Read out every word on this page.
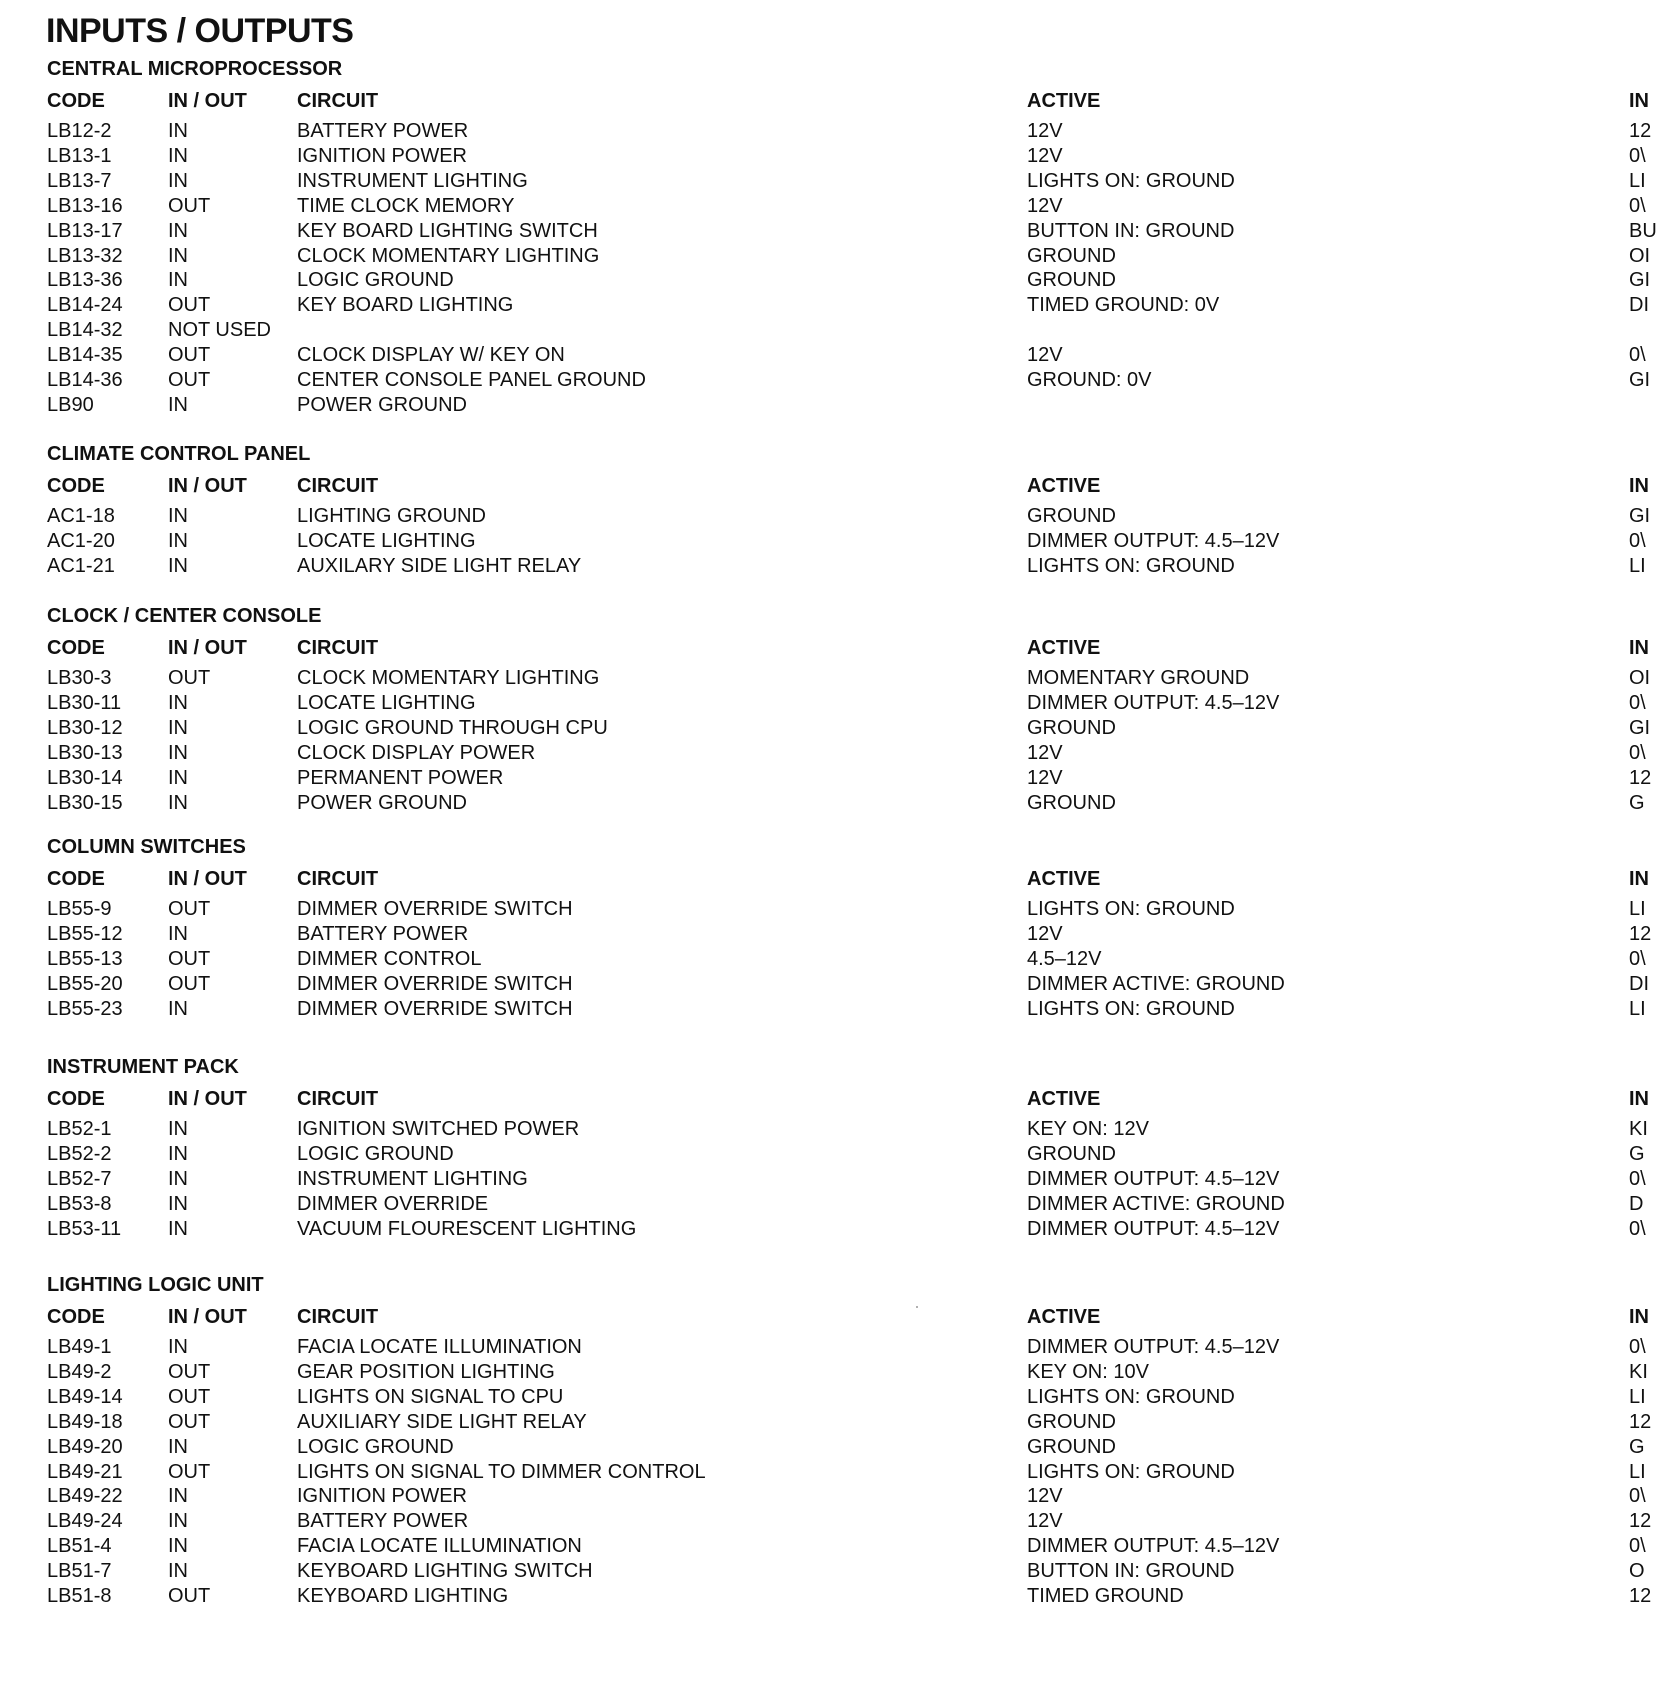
INPUTS / OUTPUTS
CENTRAL MICROPROCESSOR
CODE	IN / OUT	CIRCUIT	ACTIVE	IN
LB12-2	IN	BATTERY POWER	12V	12
LB13-1	IN	IGNITION POWER	12V	0\
LB13-7	IN	INSTRUMENT LIGHTING	LIGHTS ON: GROUND	LI
LB13-16	OUT	TIME CLOCK MEMORY	12V	0\
LB13-17	IN	KEY BOARD LIGHTING SWITCH	BUTTON IN: GROUND	BU
LB13-32	IN	CLOCK MOMENTARY LIGHTING	GROUND	OI
LB13-36	IN	LOGIC GROUND	GROUND	GI
LB14-24	OUT	KEY BOARD LIGHTING	TIMED GROUND: 0V	DI
LB14-32	NOT USED
LB14-35	OUT	CLOCK DISPLAY W/ KEY ON	12V	0\
LB14-36	OUT	CENTER CONSOLE PANEL GROUND	GROUND: 0V	GI
LB90	IN	POWER GROUND
CLIMATE CONTROL PANEL
CODE	IN / OUT	CIRCUIT	ACTIVE	IN
AC1-18	IN	LIGHTING GROUND	GROUND	GI
AC1-20	IN	LOCATE LIGHTING	DIMMER OUTPUT: 4.5–12V	0\
AC1-21	IN	AUXILARY SIDE LIGHT RELAY	LIGHTS ON: GROUND	LI
CLOCK / CENTER CONSOLE
CODE	IN / OUT	CIRCUIT	ACTIVE	IN
LB30-3	OUT	CLOCK MOMENTARY LIGHTING	MOMENTARY GROUND	OI
LB30-11	IN	LOCATE LIGHTING	DIMMER OUTPUT: 4.5–12V	0\
LB30-12	IN	LOGIC GROUND THROUGH CPU	GROUND	GI
LB30-13	IN	CLOCK DISPLAY POWER	12V	0\
LB30-14	IN	PERMANENT POWER	12V	12
LB30-15	IN	POWER GROUND	GROUND	G
COLUMN SWITCHES
CODE	IN / OUT	CIRCUIT	ACTIVE	IN
LB55-9	OUT	DIMMER OVERRIDE SWITCH	LIGHTS ON: GROUND	LI
LB55-12	IN	BATTERY POWER	12V	12
LB55-13	OUT	DIMMER CONTROL	4.5–12V	0\
LB55-20	OUT	DIMMER OVERRIDE SWITCH	DIMMER ACTIVE: GROUND	DI
LB55-23	IN	DIMMER OVERRIDE SWITCH	LIGHTS ON: GROUND	LI
INSTRUMENT PACK
CODE	IN / OUT	CIRCUIT	ACTIVE	IN
LB52-1	IN	IGNITION SWITCHED POWER	KEY ON: 12V	KI
LB52-2	IN	LOGIC GROUND	GROUND	G
LB52-7	IN	INSTRUMENT LIGHTING	DIMMER OUTPUT: 4.5–12V	0\
LB53-8	IN	DIMMER OVERRIDE	DIMMER ACTIVE: GROUND	D
LB53-11	IN	VACUUM FLOURESCENT LIGHTING	DIMMER OUTPUT: 4.5–12V	0\
LIGHTING LOGIC UNIT
CODE	IN / OUT	CIRCUIT	ACTIVE	IN
LB49-1	IN	FACIA LOCATE ILLUMINATION	DIMMER OUTPUT: 4.5–12V	0\
LB49-2	OUT	GEAR POSITION LIGHTING	KEY ON: 10V	KI
LB49-14	OUT	LIGHTS ON SIGNAL TO CPU	LIGHTS ON: GROUND	LI
LB49-18	OUT	AUXILIARY SIDE LIGHT RELAY	GROUND	12
LB49-20	IN	LOGIC GROUND	GROUND	G
LB49-21	OUT	LIGHTS ON SIGNAL TO DIMMER CONTROL	LIGHTS ON: GROUND	LI
LB49-22	IN	IGNITION POWER	12V	0\
LB49-24	IN	BATTERY POWER	12V	12
LB51-4	IN	FACIA LOCATE ILLUMINATION	DIMMER OUTPUT: 4.5–12V	0\
LB51-7	IN	KEYBOARD LIGHTING SWITCH	BUTTON IN: GROUND	O
LB51-8	OUT	KEYBOARD LIGHTING	TIMED GROUND	12
